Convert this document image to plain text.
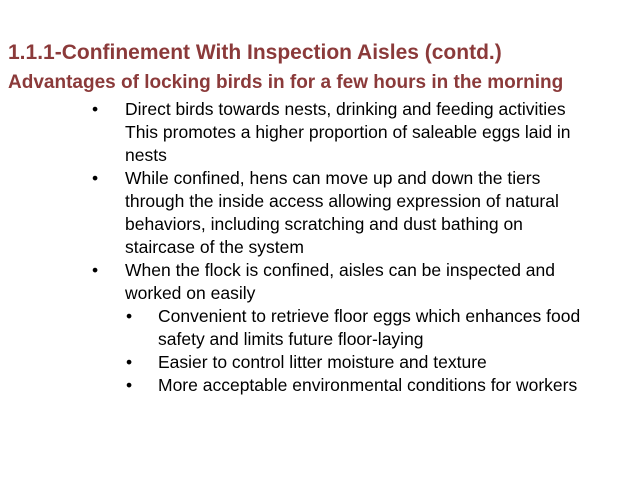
1.1.1-Confinement With Inspection Aisles (contd.)
Advantages of locking birds in for a few hours in the morning
• Direct birds towards nests, drinking and feeding activities
This promotes a higher proportion of saleable eggs laid in
nests
• While confined, hens can move up and down the tiers
through the inside access allowing expression of natural
behaviors, including scratching and dust bathing on
staircase of the system
• When the flock is confined, aisles can be inspected and
worked on easily
• Convenient to retrieve floor eggs which enhances food
safety and limits future floor-laying
• Easier to control litter moisture and texture
• More acceptable environmental conditions for workers
